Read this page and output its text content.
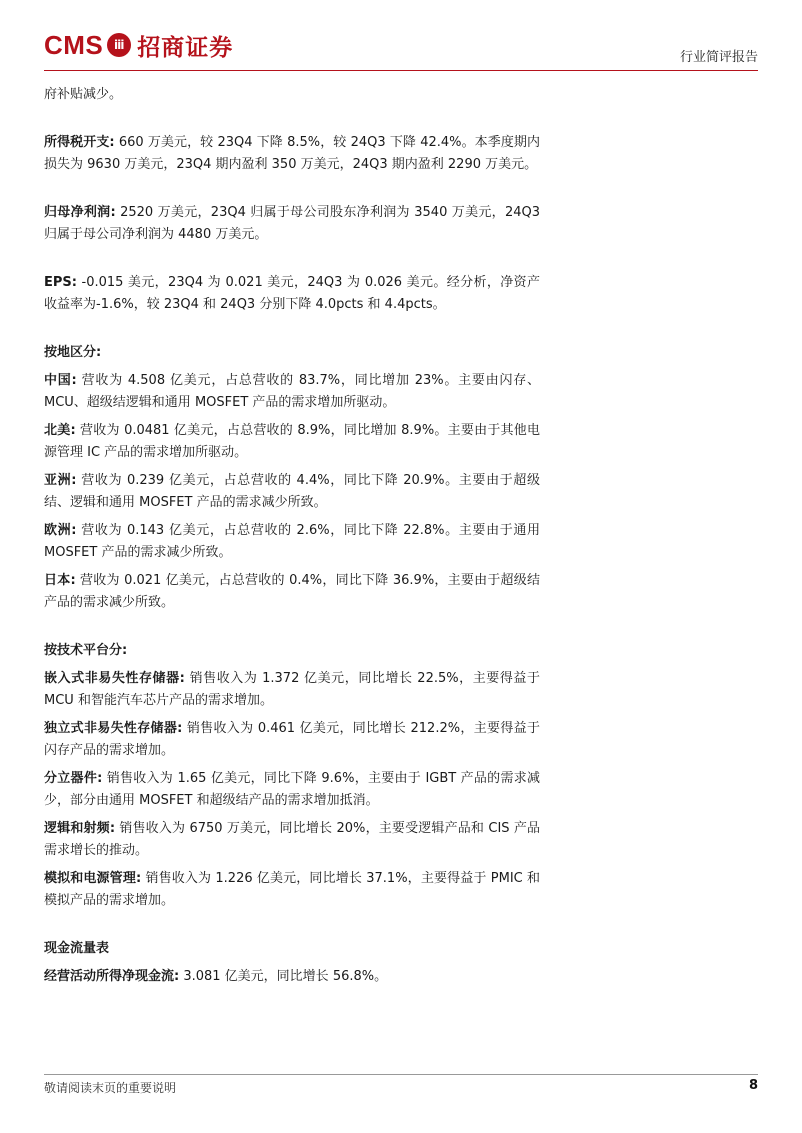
CMS ⅲ 招商证券	行业简评报告

府补贴减少。

所得税开支: 660 万美元，较 23Q4 下降 8.5%，较 24Q3 下降 42.4%。本季度期内损失为 9630 万美元，23Q4 期内盈利 350 万美元，24Q3 期内盈利 2290 万美元。

归母净利润: 2520 万美元，23Q4 归属于母公司股东净利润为 3540 万美元，24Q3 归属于母公司净利润为 4480 万美元。

EPS: -0.015 美元，23Q4 为 0.021 美元，24Q3 为 0.026 美元。经分析，净资产收益率为-1.6%，较 23Q4 和 24Q3 分别下降 4.0pcts 和 4.4pcts。

按地区分:

中国: 营收为 4.508 亿美元，占总营收的 83.7%，同比增加 23%。主要由闪存、MCU、超级结逻辑和通用 MOSFET 产品的需求增加所驱动。

北美: 营收为 0.0481 亿美元，占总营收的 8.9%，同比增加 8.9%。主要由于其他电源管理 IC 产品的需求增加所驱动。

亚洲: 营收为 0.239 亿美元，占总营收的 4.4%，同比下降 20.9%。主要由于超级结、逻辑和通用 MOSFET 产品的需求减少所致。

欧洲: 营收为 0.143 亿美元，占总营收的 2.6%，同比下降 22.8%。主要由于通用 MOSFET 产品的需求减少所致。

日本: 营收为 0.021 亿美元，占总营收的 0.4%，同比下降 36.9%，主要由于超级结产品的需求减少所致。

按技术平台分:

嵌入式非易失性存储器: 销售收入为 1.372 亿美元，同比增长 22.5%，主要得益于 MCU 和智能汽车芯片产品的需求增加。

独立式非易失性存储器: 销售收入为 0.461 亿美元，同比增长 212.2%，主要得益于闪存产品的需求增加。

分立器件: 销售收入为 1.65 亿美元，同比下降 9.6%，主要由于 IGBT 产品的需求减少，部分由通用 MOSFET 和超级结产品的需求增加抵消。

逻辑和射频: 销售收入为 6750 万美元，同比增长 20%，主要受逻辑产品和 CIS 产品需求增长的推动。

模拟和电源管理: 销售收入为 1.226 亿美元，同比增长 37.1%，主要得益于 PMIC 和模拟产品的需求增加。

现金流量表

经营活动所得净现金流: 3.081 亿美元，同比增长 56.8%。

敬请阅读末页的重要说明	8
